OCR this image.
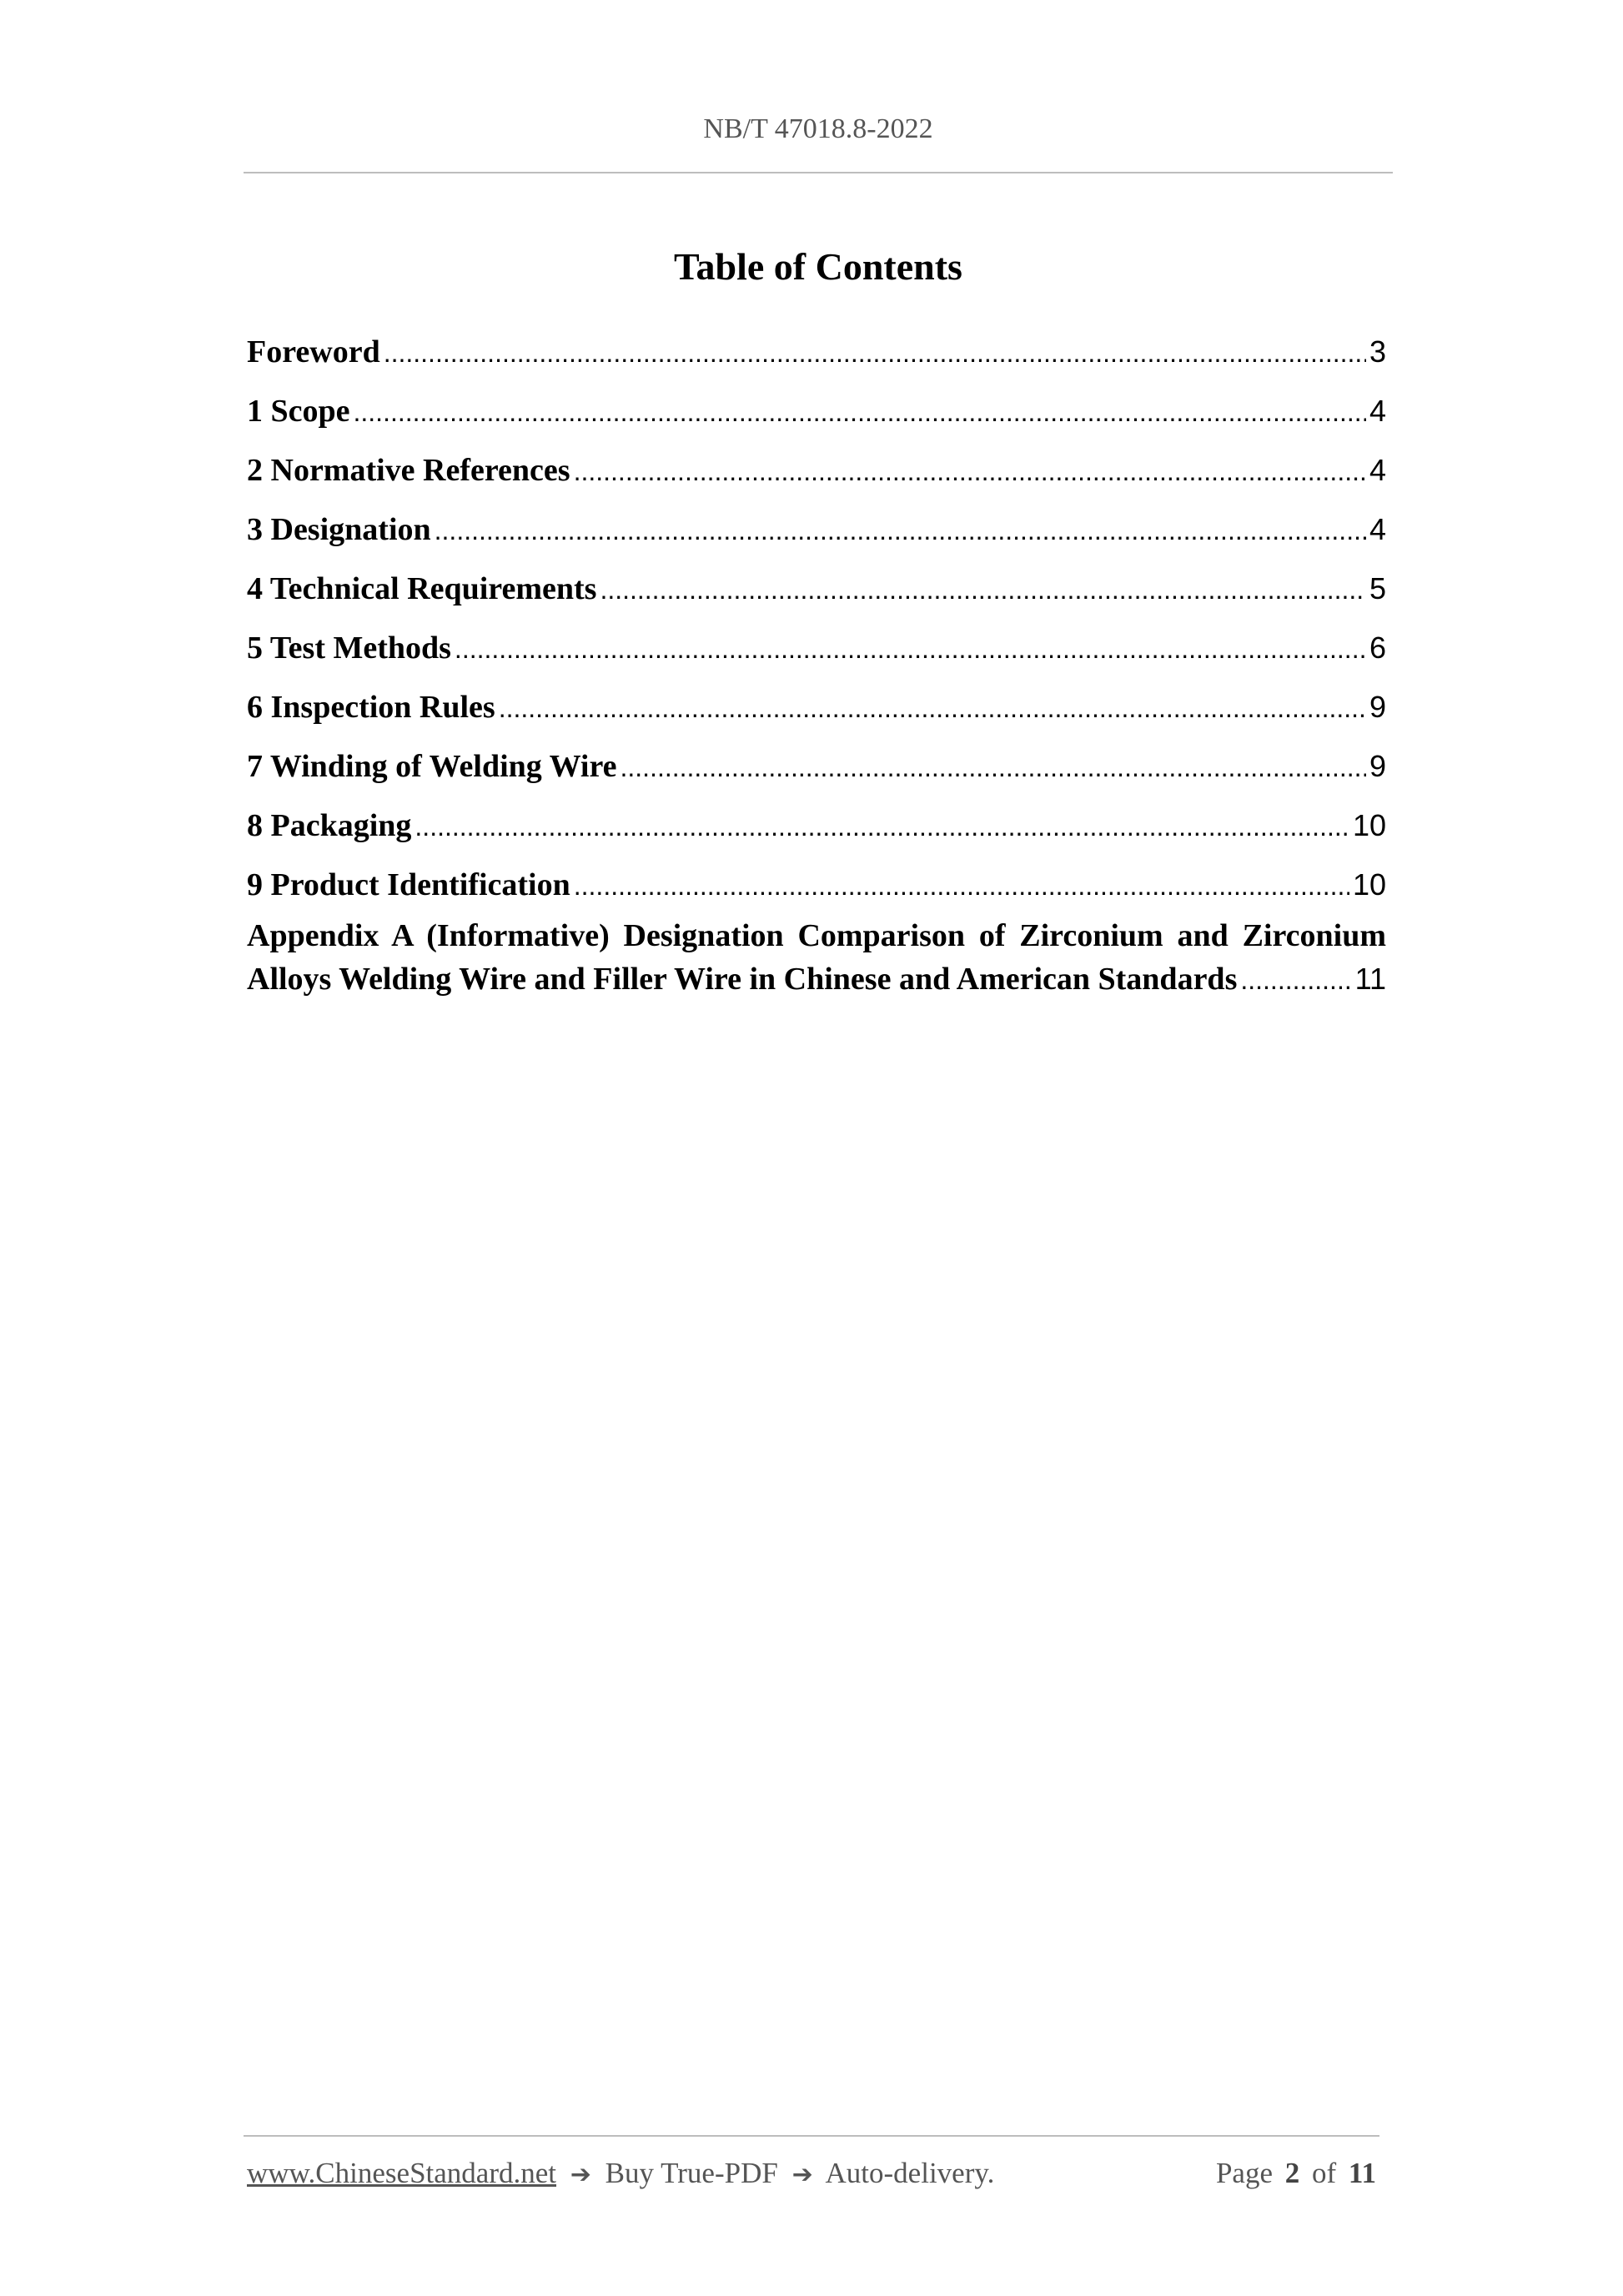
NB/T 47018.8-2022
Table of Contents
Foreword .....	3
1 Scope .....	4
2 Normative References .....	4
3 Designation .....	4
4 Technical Requirements .....	5
5 Test Methods .....	6
6 Inspection Rules .....	9
7 Winding of Welding Wire .....	9
8 Packaging .....	10
9 Product Identification .....	10
Appendix A (Informative) Designation Comparison of Zirconium and Zirconium
Alloys Welding Wire and Filler Wire in Chinese and American Standards .....	11
www.ChineseStandard.net ➔ Buy True-PDF ➔ Auto-delivery.	Page 2 of 11
